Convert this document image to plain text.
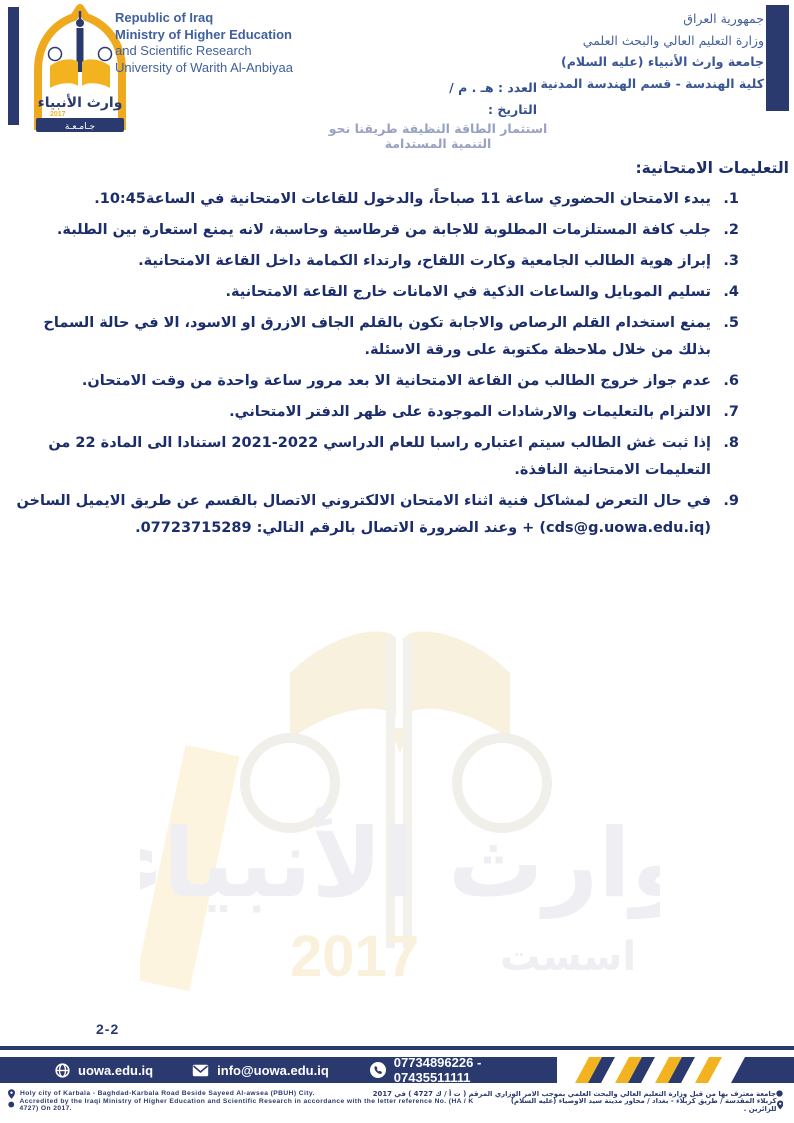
وارث الأنبياء
2017
جـامـعـة
Republic of Iraq
Ministry of Higher Education
and Scientific Research
University of Warith Al-Anbiyaa
جمهورية العراق
وزارة التعليم العالي والبحث العلمي
جامعة وارث الأنبياء (عليه السلام)
كلية الهندسة - قسم الهندسة المدنية
العدد : هـ . م /
التاريخ :
استثمار الطاقة النظيفة طريقنا نحو التنمية المستدامة
وارث الأنبياء
2017 اسست
التعليمات الامتحانية:
1.
يبدء الامتحان الحضوري ساعة 11 صباحاً، والدخول للقاعات الامتحانية في الساعة10:45.
2.
جلب كافة المستلزمات المطلوبة للاجابة من قرطاسية وحاسبة، لانه يمنع استعارة بين الطلبة.
3.
إبراز هوية الطالب الجامعية وكارت اللقاح، وارتداء الكمامة داخل القاعة الامتحانية.
4.
تسليم الموبايل والساعات الذكية في الامانات خارج القاعة الامتحانية.
5.
يمنع استخدام القلم الرصاص والاجابة تكون بالقلم الجاف الازرق او الاسود، الا في حالة السماح بذلك من خلال ملاحظة مكتوبة على ورقة الاسئلة.
6.
عدم جواز خروج الطالب من القاعة الامتحانية الا بعد مرور ساعة واحدة من وقت الامتحان.
7.
الالتزام بالتعليمات والارشادات الموجودة على ظهر الدفتر الامتحاني.
8.
إذا ثبت غش الطالب سيتم اعتباره راسبا للعام الدراسي 2022-2021 استنادا الى المادة 22 من التعليمات الامتحانية النافذة.
9.
في حال التعرض لمشاكل فنية اثناء الامتحان الالكتروني الاتصال بالقسم عن طريق الايميل الساخن (cds@g.uowa.edu.iq) + وعند الضرورة الاتصال بالرقم التالي: 07723715289.
2-2
uowa.edu.iq	info@uowa.edu.iq	07734896226 - 07435511111
Holy city of Karbala - Baghdad-Karbala Road Beside Sayeed Al-awsea (PBUH) City.	جامعة معترف بها من قبل وزارة التعليم العالي والبحث العلمي بموجب الامر الوزاري المرقم ( ت أ / ك 4727 ) في 2017
Accredited by the Iraqi Ministry of Higher Education and Scientific Research in accordance with the letter reference No. (HA / K 4727) On 2017.
كربلاء المقدسة / طريق كربلاء - بغداد / محاور مدينة سيد الاوصياء (عليه السلام) للزائرين .
